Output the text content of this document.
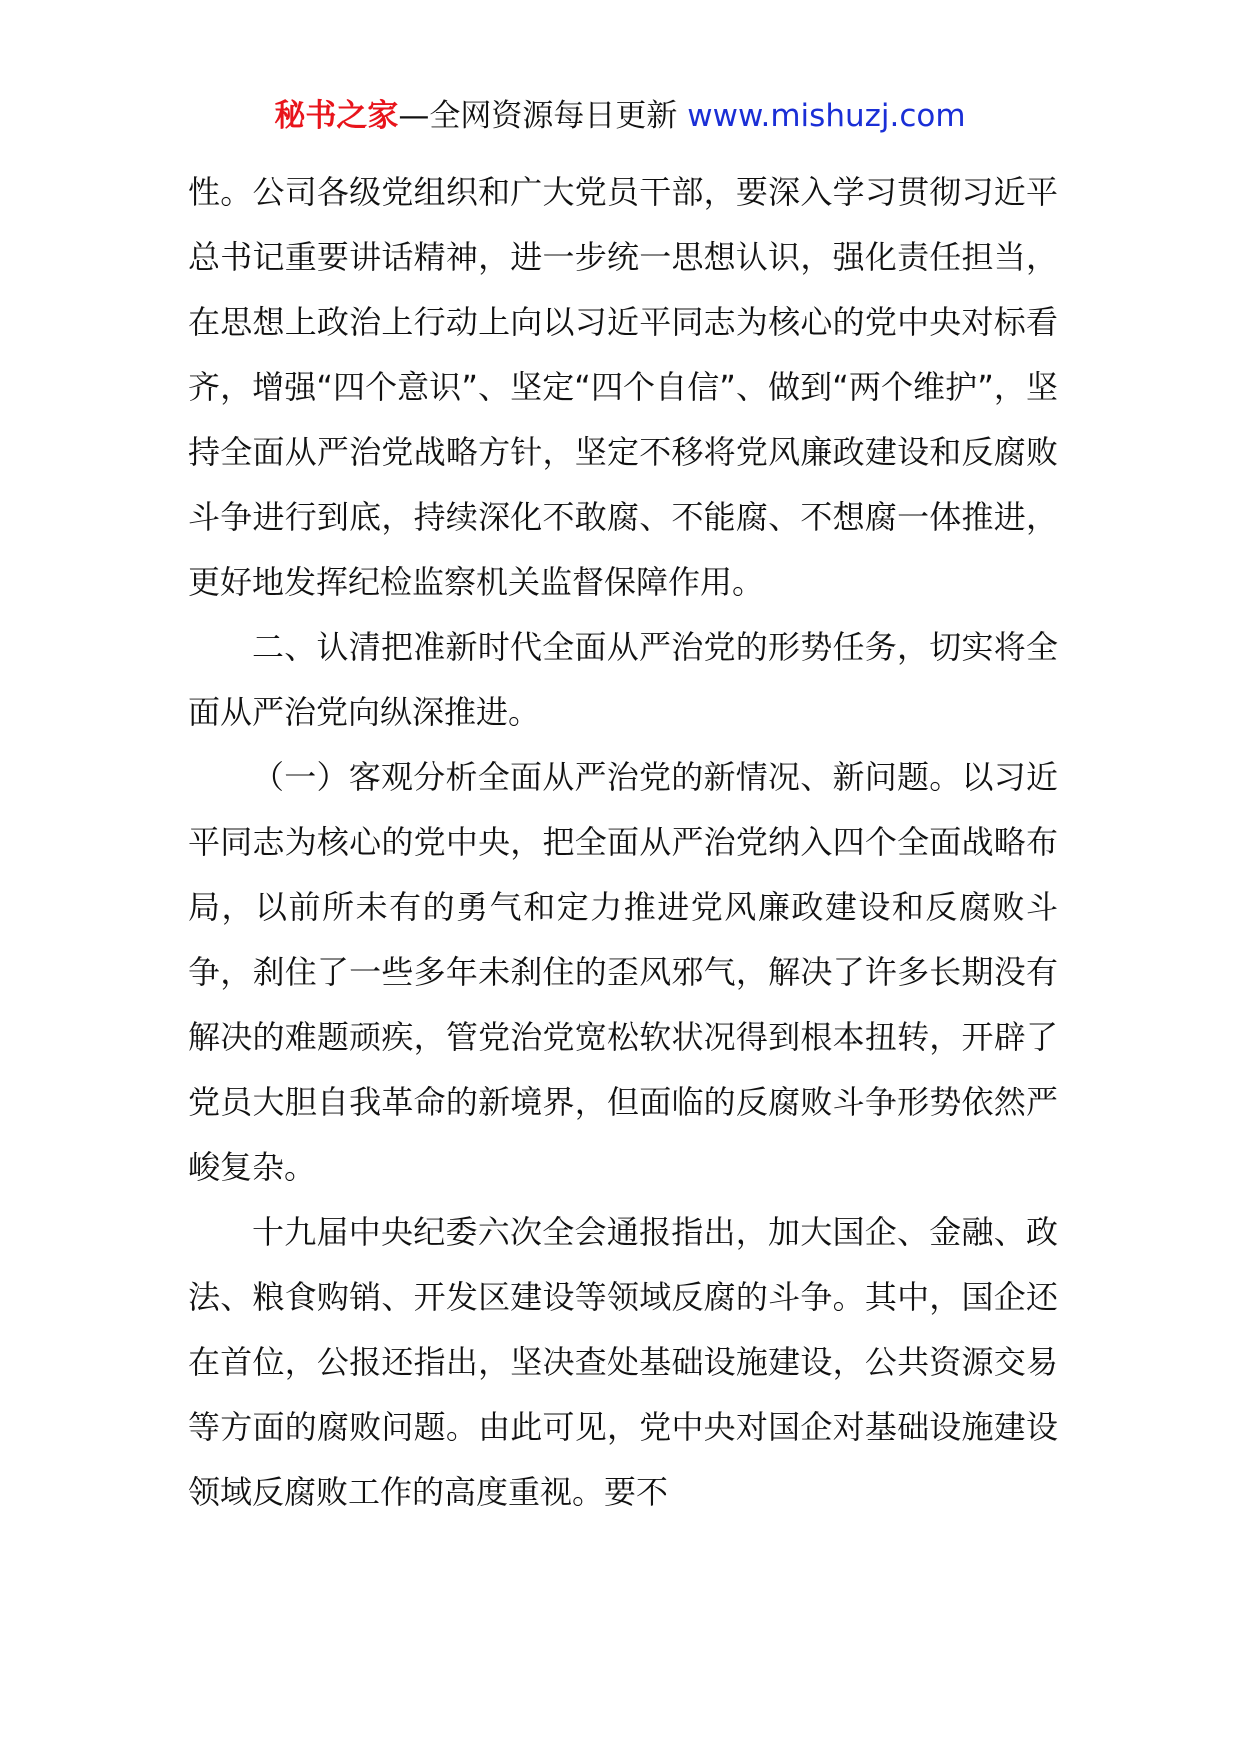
秘书之家—全网资源每日更新 www.mishuzj.com

性。公司各级党组织和广大党员干部，要深入学习贯彻习近平总书记重要讲话精神，进一步统一思想认识，强化责任担当，在思想上政治上行动上向以习近平同志为核心的党中央对标看齐，增强“四个意识”、坚定“四个自信”、做到“两个维护”，坚持全面从严治党战略方针，坚定不移将党风廉政建设和反腐败斗争进行到底，持续深化不敢腐、不能腐、不想腐一体推进，更好地发挥纪检监察机关监督保障作用。

二、认清把准新时代全面从严治党的形势任务，切实将全面从严治党向纵深推进。

（一）客观分析全面从严治党的新情况、新问题。以习近平同志为核心的党中央，把全面从严治党纳入四个全面战略布局，以前所未有的勇气和定力推进党风廉政建设和反腐败斗争，刹住了一些多年未刹住的歪风邪气，解决了许多长期没有解决的难题顽疾，管党治党宽松软状况得到根本扭转，开辟了党员大胆自我革命的新境界，但面临的反腐败斗争形势依然严峻复杂。

十九届中央纪委六次全会通报指出，加大国企、金融、政法、粮食购销、开发区建设等领域反腐的斗争。其中，国企还在首位，公报还指出，坚决查处基础设施建设，公共资源交易等方面的腐败问题。由此可见，党中央对国企对基础设施建设领域反腐败工作的高度重视。要不
